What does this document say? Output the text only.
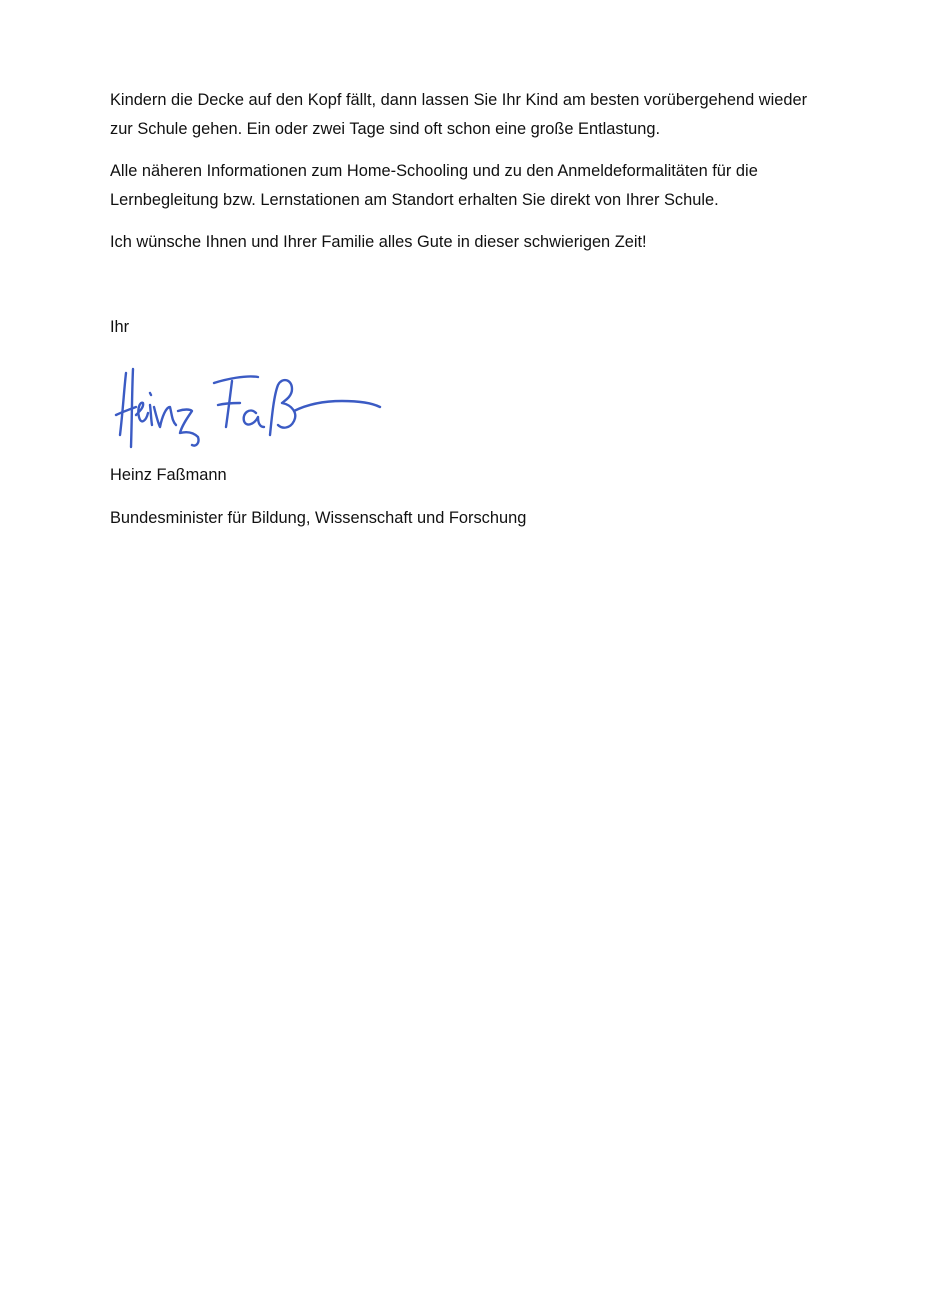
Kindern die Decke auf den Kopf fällt, dann lassen Sie Ihr Kind am besten vorübergehend wieder zur Schule gehen. Ein oder zwei Tage sind oft schon eine große Entlastung.

Alle näheren Informationen zum Home-Schooling und zu den Anmeldeformalitäten für die Lernbegleitung bzw. Lernstationen am Standort erhalten Sie direkt von Ihrer Schule.

Ich wünsche Ihnen und Ihrer Familie alles Gute in dieser schwierigen Zeit!

Ihr

Heinz Faßmann

Bundesminister für Bildung, Wissenschaft und Forschung
